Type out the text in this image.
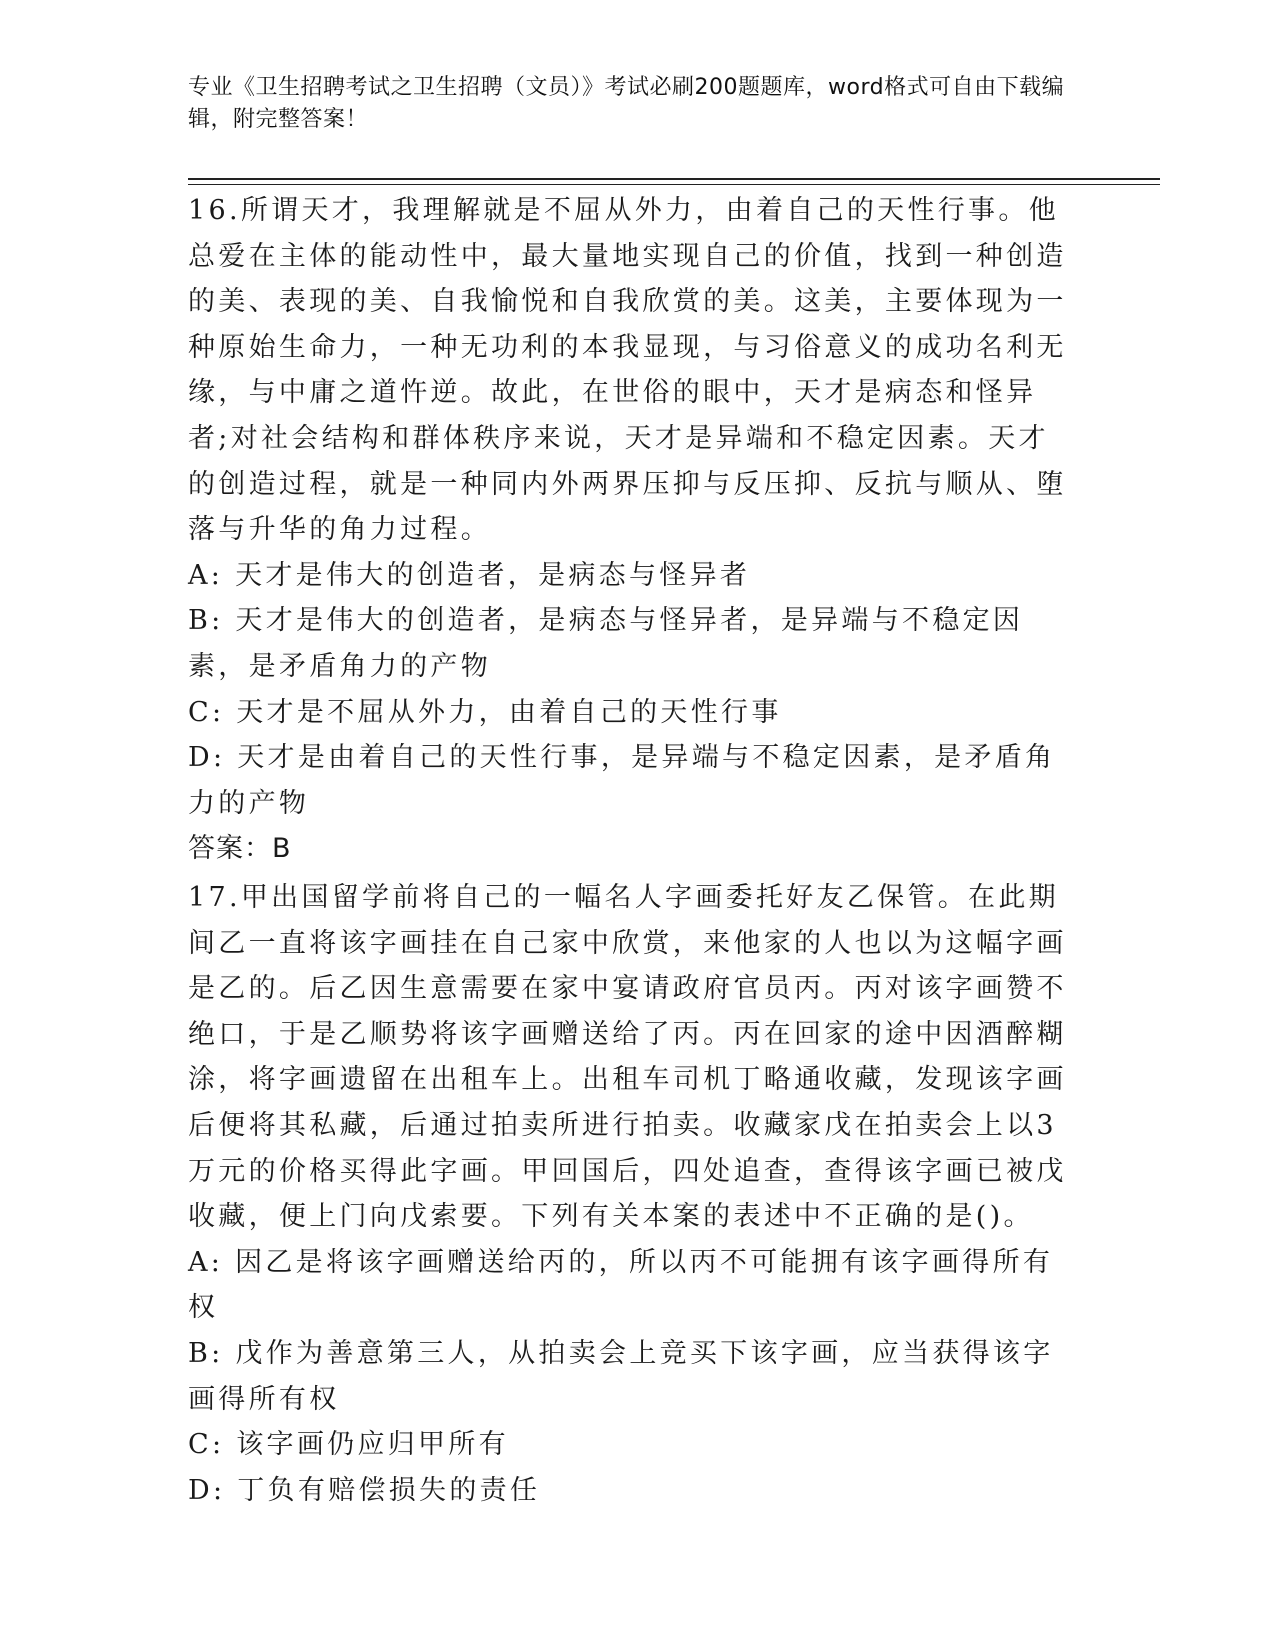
专业《卫生招聘考试之卫生招聘（文员）》考试必刷200题题库，word格式可自由下载编辑，附完整答案！

16.所谓天才，我理解就是不屈从外力，由着自己的天性行事。他总爱在主体的能动性中，最大量地实现自己的价值，找到一种创造的美、表现的美、自我愉悦和自我欣赏的美。这美，主要体现为一种原始生命力，一种无功利的本我显现，与习俗意义的成功名利无缘，与中庸之道忤逆。故此，在世俗的眼中，天才是病态和怪异者;对社会结构和群体秩序来说，天才是异端和不稳定因素。天才的创造过程，就是一种同内外两界压抑与反压抑、反抗与顺从、堕落与升华的角力过程。

A: 天才是伟大的创造者，是病态与怪异者

B: 天才是伟大的创造者，是病态与怪异者，是异端与不稳定因素，是矛盾角力的产物

C: 天才是不屈从外力，由着自己的天性行事

D: 天才是由着自己的天性行事，是异端与不稳定因素，是矛盾角力的产物

答案：B

17.甲出国留学前将自己的一幅名人字画委托好友乙保管。在此期间乙一直将该字画挂在自己家中欣赏，来他家的人也以为这幅字画是乙的。后乙因生意需要在家中宴请政府官员丙。丙对该字画赞不绝口，于是乙顺势将该字画赠送给了丙。丙在回家的途中因酒醉糊涂，将字画遗留在出租车上。出租车司机丁略通收藏，发现该字画后便将其私藏，后通过拍卖所进行拍卖。收藏家戊在拍卖会上以3万元的价格买得此字画。甲回国后，四处追查，查得该字画已被戊收藏，便上门向戊索要。下列有关本案的表述中不正确的是()。

A: 因乙是将该字画赠送给丙的，所以丙不可能拥有该字画得所有权

B: 戊作为善意第三人，从拍卖会上竞买下该字画，应当获得该字画得所有权

C: 该字画仍应归甲所有

D: 丁负有赔偿损失的责任
